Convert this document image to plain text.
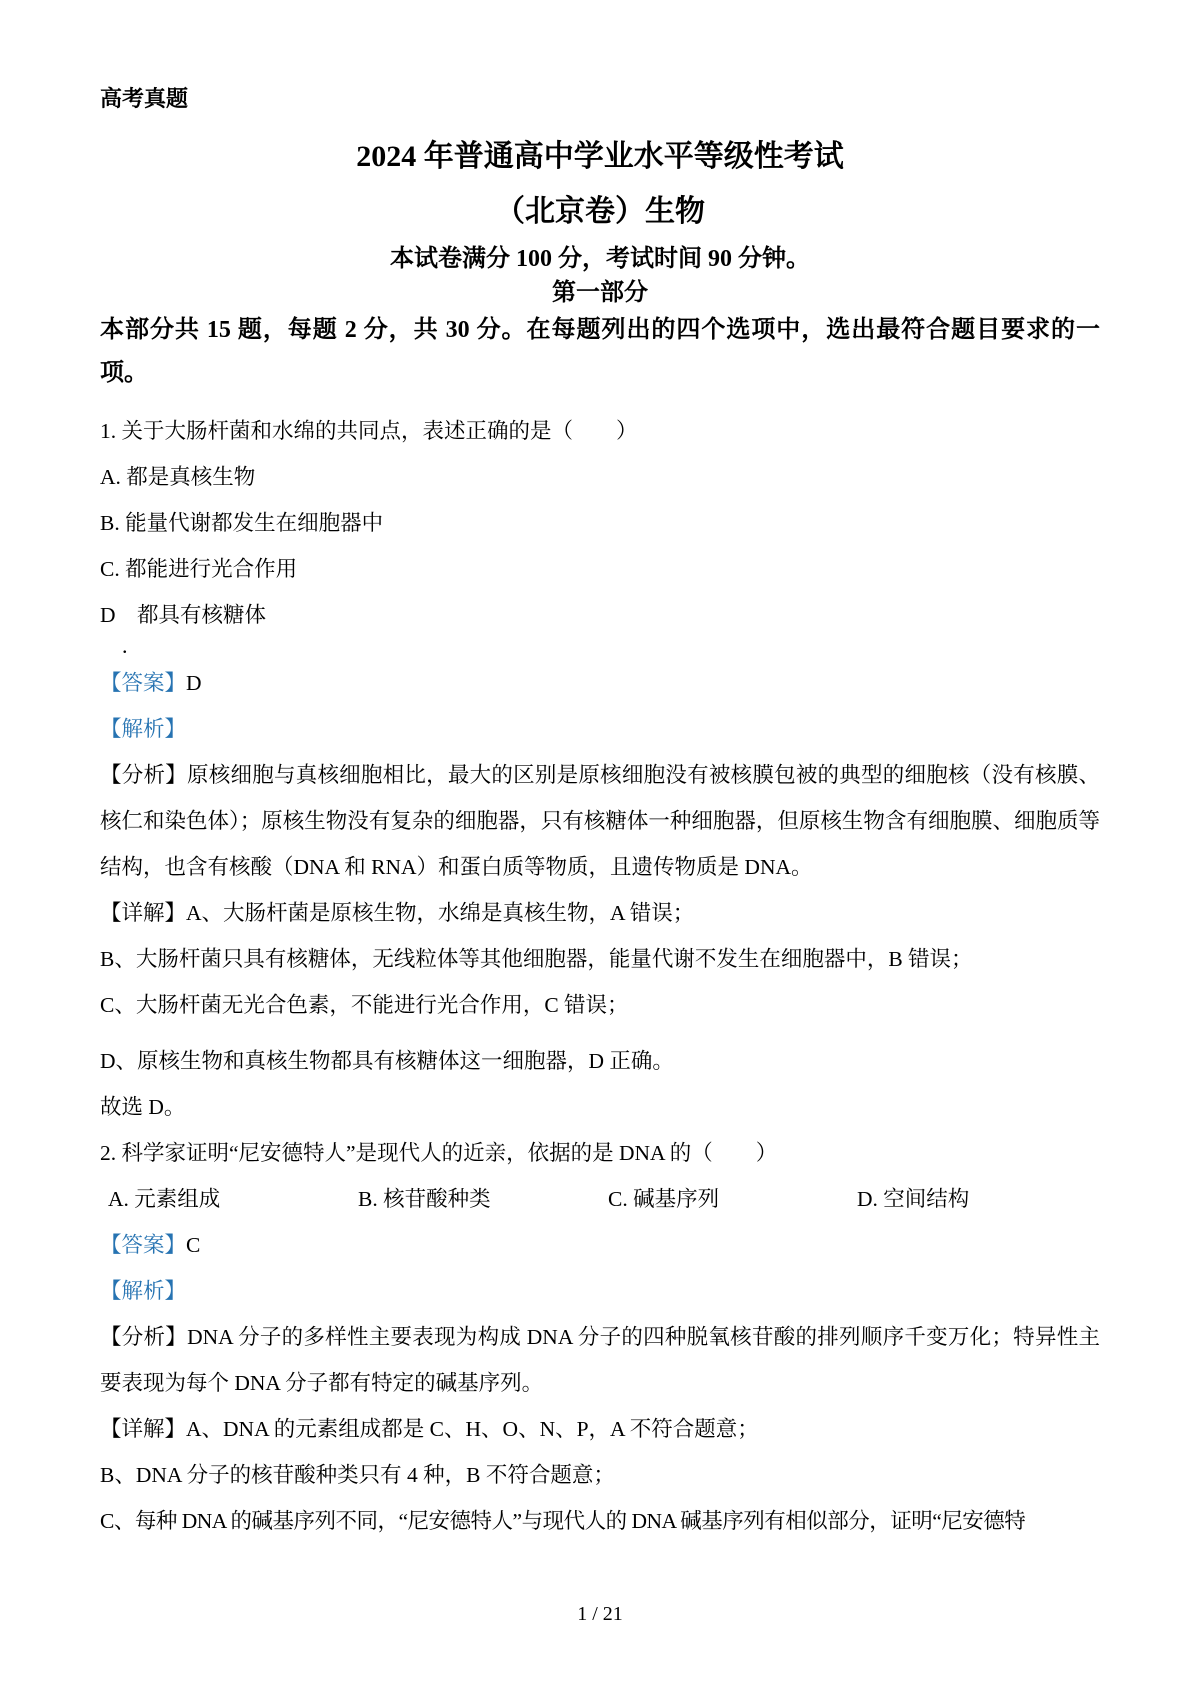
高考真题

2024 年普通高中学业水平等级性考试
（北京卷）生物

本试卷满分 100 分，考试时间 90 分钟。

第一部分

本部分共 15 题，每题 2 分，共 30 分。在每题列出的四个选项中，选出最符合题目要求的一项。

1. 关于大肠杆菌和水绵的共同点，表述正确的是（　　）

A. 都是真核生物

B. 能量代谢都发生在细胞器中

C. 都能进行光合作用

D　都具有核糖体

.

【答案】D

【解析】

【分析】原核细胞与真核细胞相比，最大的区别是原核细胞没有被核膜包被的典型的细胞核（没有核膜、核仁和染色体）；原核生物没有复杂的细胞器，只有核糖体一种细胞器，但原核生物含有细胞膜、细胞质等结构，也含有核酸（DNA 和 RNA）和蛋白质等物质，且遗传物质是 DNA。

【详解】A、大肠杆菌是原核生物，水绵是真核生物，A 错误；

B、大肠杆菌只具有核糖体，无线粒体等其他细胞器，能量代谢不发生在细胞器中，B 错误；

C、大肠杆菌无光合色素，不能进行光合作用，C 错误；

D、原核生物和真核生物都具有核糖体这一细胞器，D 正确。

故选 D。

2. 科学家证明“尼安德特人”是现代人的近亲，依据的是 DNA 的（　　）

A. 元素组成	B. 核苷酸种类	C. 碱基序列	D. 空间结构

【答案】C

【解析】

【分析】DNA 分子的多样性主要表现为构成 DNA 分子的四种脱氧核苷酸的排列顺序千变万化；特异性主要表现为每个 DNA 分子都有特定的碱基序列。

【详解】A、DNA 的元素组成都是 C、H、O、N、P，A 不符合题意；

B、DNA 分子的核苷酸种类只有 4 种，B 不符合题意；

C、每种 DNA 的碱基序列不同，“尼安德特人”与现代人的 DNA 碱基序列有相似部分，证明“尼安德特

1 / 21
